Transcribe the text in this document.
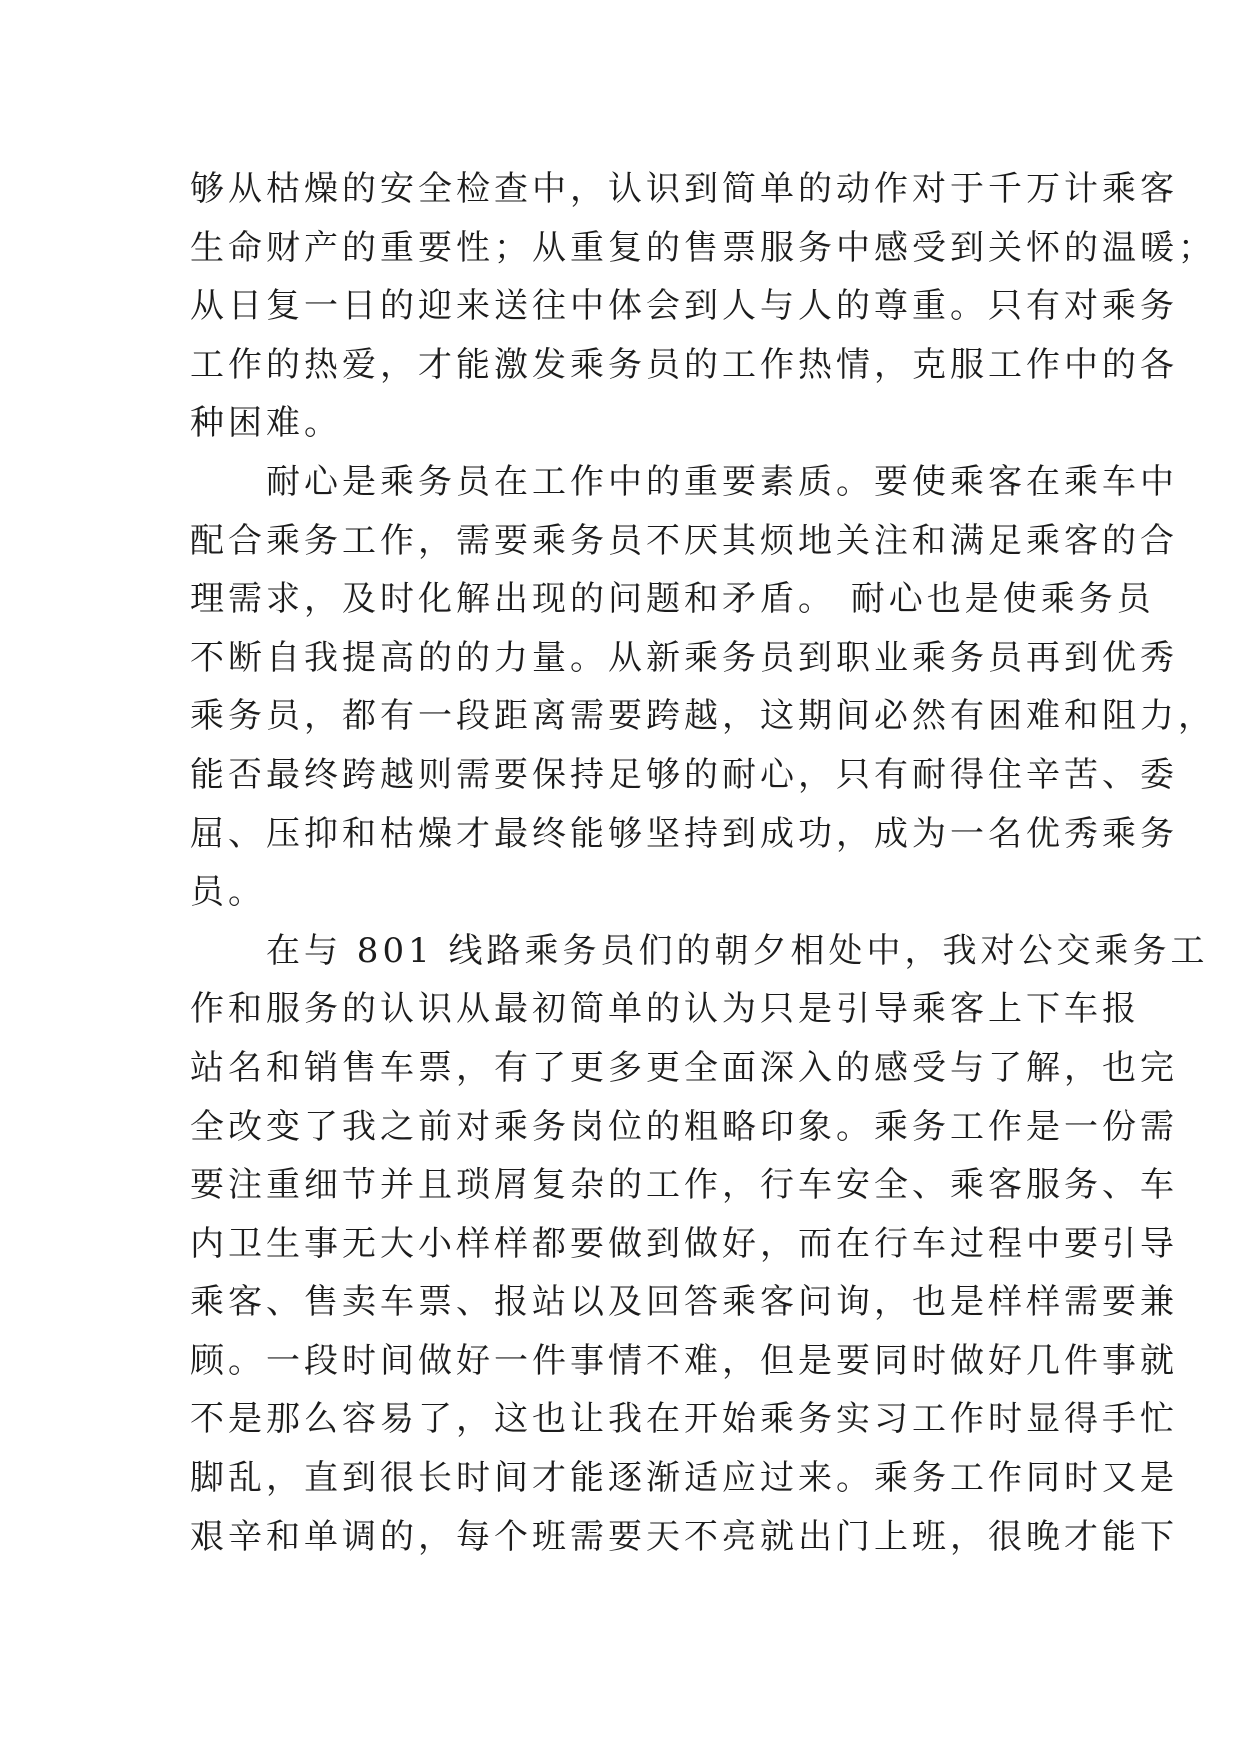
够从枯燥的安全检查中，认识到简单的动作对于千万计乘客
生命财产的重要性；从重复的售票服务中感受到关怀的温暖；
从日复一日的迎来送往中体会到人与人的尊重。只有对乘务
工作的热爱，才能激发乘务员的工作热情，克服工作中的各
种困难。

　　耐心是乘务员在工作中的重要素质。要使乘客在乘车中
配合乘务工作，需要乘务员不厌其烦地关注和满足乘客的合
理需求，及时化解出现的问题和矛盾。 耐心也是使乘务员
不断自我提高的的力量。从新乘务员到职业乘务员再到优秀
乘务员，都有一段距离需要跨越，这期间必然有困难和阻力，
能否最终跨越则需要保持足够的耐心，只有耐得住辛苦、委
屈、压抑和枯燥才最终能够坚持到成功，成为一名优秀乘务
员。

　　在与 801 线路乘务员们的朝夕相处中，我对公交乘务工
作和服务的认识从最初简单的认为只是引导乘客上下车报
站名和销售车票，有了更多更全面深入的感受与了解，也完
全改变了我之前对乘务岗位的粗略印象。乘务工作是一份需
要注重细节并且琐屑复杂的工作，行车安全、乘客服务、车
内卫生事无大小样样都要做到做好，而在行车过程中要引导
乘客、售卖车票、报站以及回答乘客问询，也是样样需要兼
顾。一段时间做好一件事情不难，但是要同时做好几件事就
不是那么容易了，这也让我在开始乘务实习工作时显得手忙
脚乱，直到很长时间才能逐渐适应过来。乘务工作同时又是
艰辛和单调的，每个班需要天不亮就出门上班，很晚才能下
